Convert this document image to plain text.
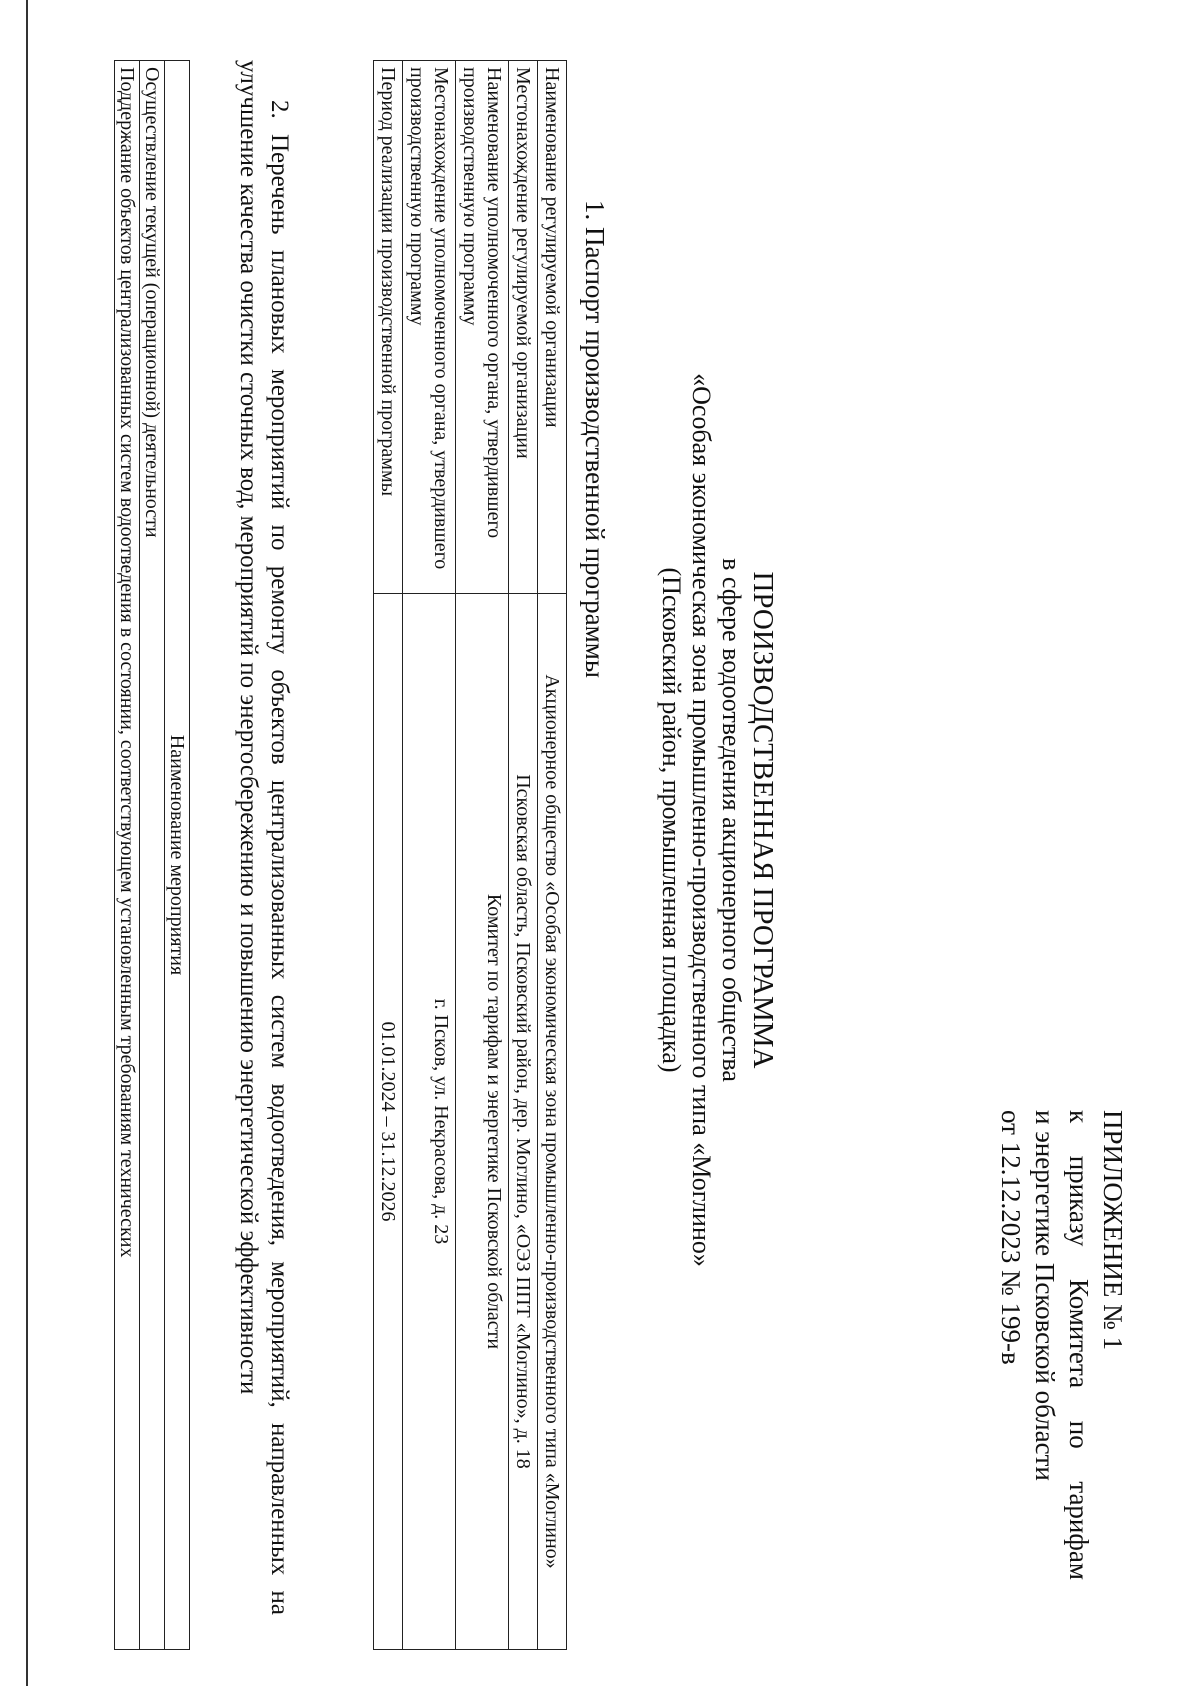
ПРИЛОЖЕНИЕ № 1
к
приказу
Комитета
по
тарифам
и энергетике Псковской области
от 12.12.2023 № 199-в
ПРОИЗВОДСТВЕННАЯ ПРОГРАММА
в сфере водоотведения акционерного общества
«Особая экономическая зона промышленно-производственного типа «Моглино»
(Псковский район, промышленная площадка)
1. Паспорт производственной программы
Наименование регулируемой организации	Акционерное общество «Особая экономическая зона промышленно-производственного типа «Моглино»
Местонахождение регулируемой организации	Псковская область, Псковский район, дер. Моглино, «ОЭЗ ППТ «Моглино», д. 18
Наименование уполномоченного органа, утвердившего производственную программу	Комитет по тарифам и энергетике Псковской области
Местонахождение уполномоченного органа, утвердившего производственную программу	г. Псков, ул. Некрасова, д. 23
Период реализации производственной программы	01.01.2024 – 31.12.2026
2. Перечень плановых мероприятий по ремонту объектов централизованных систем водоотведения, мероприятий, направленных на улучшение качества очистки сточных вод, мероприятий по энергосбережению и повышению энергетической эффективности
Наименование мероприятия
Осуществление текущей (операционной) деятельности
Поддержание объектов централизованных систем водоотведения в состоянии, соответствующем установленным требованиям технических
